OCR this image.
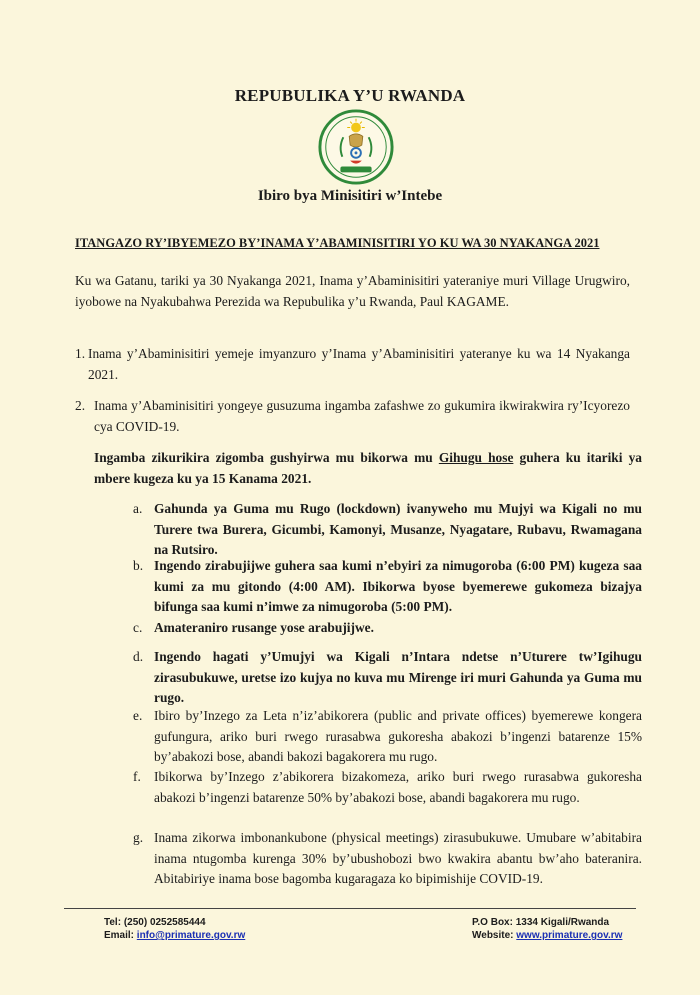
REPUBULIKA Y’U RWANDA
Ibiro bya Minisitiri w’Intebe
ITANGAZO RY’IBYEMEZO BY’INAMA Y’ABAMINISITIRI YO KU WA 30 NYAKANGA 2021
Ku wa Gatanu, tariki ya 30 Nyakanga 2021, Inama y’Abaminisitiri yateraniye muri Village Urugwiro, iyobowe na Nyakubahwa Perezida wa Repubulika y’u Rwanda, Paul KAGAME.
1. Inama y’Abaminisitiri yemeje imyanzuro y’Inama y’Abaminisitiri yateranye ku wa 14 Nyakanga 2021.
2. Inama y’Abaminisitiri yongeye gusuzuma ingamba zafashwe zo gukumira ikwirakwira ry’Icyorezo cya COVID-19.
Ingamba zikurikira zigomba gushyirwa mu bikorwa mu Gihugu hose guhera ku itariki ya mbere kugeza ku ya 15 Kanama 2021.
a. Gahunda ya Guma mu Rugo (lockdown) ivanyweho mu Mujyi wa Kigali no mu Turere twa Burera, Gicumbi, Kamonyi, Musanze, Nyagatare, Rubavu, Rwamagana na Rutsiro.
b. Ingendo zirabujijwe guhera saa kumi n’ebyiri za nimugoroba (6:00 PM) kugeza saa kumi za mu gitondo (4:00 AM). Ibikorwa byose byemerewe gukomeza bizajya bifunga saa kumi n’imwe za nimugoroba (5:00 PM).
c. Amateraniro rusange yose arabujijwe.
d. Ingendo hagati y’Umujyi wa Kigali n’Intara ndetse n’Uturere tw’Igihugu zirasubukuwe, uretse izo kujya no kuva mu Mirenge iri muri Gahunda ya Guma mu rugo.
e. Ibiro by’Inzego za Leta n’iz’abikorera (public and private offices) byemerewe kongera gufungura, ariko buri rwego rurasabwa gukoresha abakozi b’ingenzi batarenze 15% by’abakozi bose, abandi bakozi bagakorera mu rugo.
f. Ibikorwa by’Inzego z’abikorera bizakomeza, ariko buri rwego rurasabwa gukoresha abakozi b’ingenzi batarenze 50% by’abakozi bose, abandi bagakorera mu rugo.
g. Inama zikorwa imbonankubone (physical meetings) zirasubukuwe. Umubare w’abitabira inama ntugomba kurenga 30% by’ubushobozi bwo kwakira abantu bw’aho bateranira. Abitabiriye inama bose bagomba kugaragaza ko bipimishije COVID-19.
Tel: (250) 0252585444
Email: info@primature.gov.rw
P.O Box: 1334 Kigali/Rwanda
Website: www.primature.gov.rw
